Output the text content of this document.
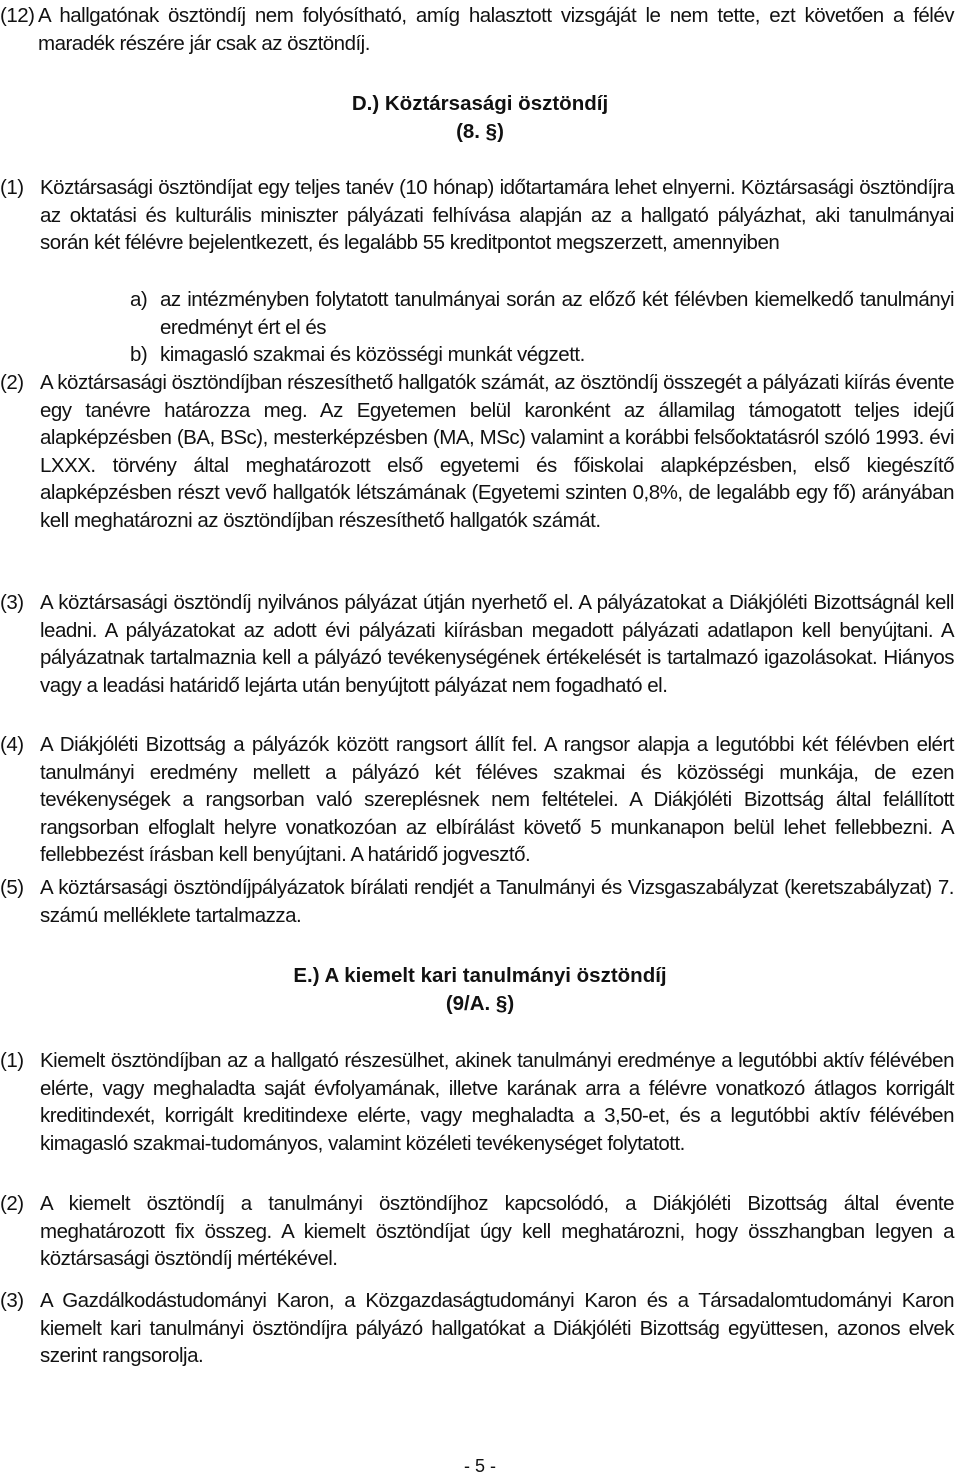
(12) A hallgatónak ösztöndíj nem folyósítható, amíg halasztott vizsgáját le nem tette, ezt követően a félév maradék részére jár csak az ösztöndíj.
D.) Köztársasági ösztöndíj
(8. §)
(1) Köztársasági ösztöndíjat egy teljes tanév (10 hónap) időtartamára lehet elnyerni. Köztársasági ösztöndíjra az oktatási és kulturális miniszter pályázati felhívása alapján az a hallgató pályázhat, aki tanulmányai során két félévre bejelentkezett, és legalább 55 kreditpontot megszerzett, amennyiben
a) az intézményben folytatott tanulmányai során az előző két félévben kiemelkedő tanulmányi eredményt ért el és
b) kimagasló szakmai és közösségi munkát végzett.
(2) A köztársasági ösztöndíjban részesíthető hallgatók számát, az ösztöndíj összegét a pályázati kiírás évente egy tanévre határozza meg. Az Egyetemen belül karonként az államilag támogatott teljes idejű alapképzésben (BA, BSc), mesterképzésben (MA, MSc) valamint a korábbi felsőoktatásról szóló 1993. évi LXXX. törvény által meghatározott első egyetemi és főiskolai alapképzésben, első kiegészítő alapképzésben részt vevő hallgatók létszámának (Egyetemi szinten 0,8%, de legalább egy fő) arányában kell meghatározni az ösztöndíjban részesíthető hallgatók számát.
(3) A köztársasági ösztöndíj nyilvános pályázat útján nyerhető el. A pályázatokat a Diákjóléti Bizottságnál kell leadni. A pályázatokat az adott évi pályázati kiírásban megadott pályázati adatlapon kell benyújtani. A pályázatnak tartalmaznia kell a pályázó tevékenységének értékelését is tartalmazó igazolásokat. Hiányos vagy a leadási határidő lejárta után benyújtott pályázat nem fogadható el.
(4) A Diákjóléti Bizottság a pályázók között rangsort állít fel. A rangsor alapja a legutóbbi két félévben elért tanulmányi eredmény mellett a pályázó két féléves szakmai és közösségi munkája, de ezen tevékenységek a rangsorban való szereplésnek nem feltételei. A Diákjóléti Bizottság által felállított rangsorban elfoglalt helyre vonatkozóan az elbírálást követő 5 munkanapon belül lehet fellebbezni. A fellebbezést írásban kell benyújtani. A határidő jogvesztő.
(5) A köztársasági ösztöndíjpályázatok bírálati rendjét a Tanulmányi és Vizsgaszabályzat (keretszabályzat) 7. számú melléklete tartalmazza.
E.) A kiemelt kari tanulmányi ösztöndíj
(9/A. §)
(1) Kiemelt ösztöndíjban az a hallgató részesülhet, akinek tanulmányi eredménye a legutóbbi aktív félévében elérte, vagy meghaladta saját évfolyamának, illetve karának arra a félévre vonatkozó átlagos korrigált kreditindexét, korrigált kreditindexe elérte, vagy meghaladta a 3,50-et, és a legutóbbi aktív félévében kimagasló szakmai-tudományos, valamint közéleti tevékenységet folytatott.
(2) A kiemelt ösztöndíj a tanulmányi ösztöndíjhoz kapcsolódó, a Diákjóléti Bizottság által évente meghatározott fix összeg. A kiemelt ösztöndíjat úgy kell meghatározni, hogy összhangban legyen a köztársasági ösztöndíj mértékével.
(3) A Gazdálkodástudományi Karon, a Közgazdaságtudományi Karon és a Társadalomtudományi Karon kiemelt kari tanulmányi ösztöndíjra pályázó hallgatókat a Diákjóléti Bizottság együttesen, azonos elvek szerint rangsorolja.
- 5 -
